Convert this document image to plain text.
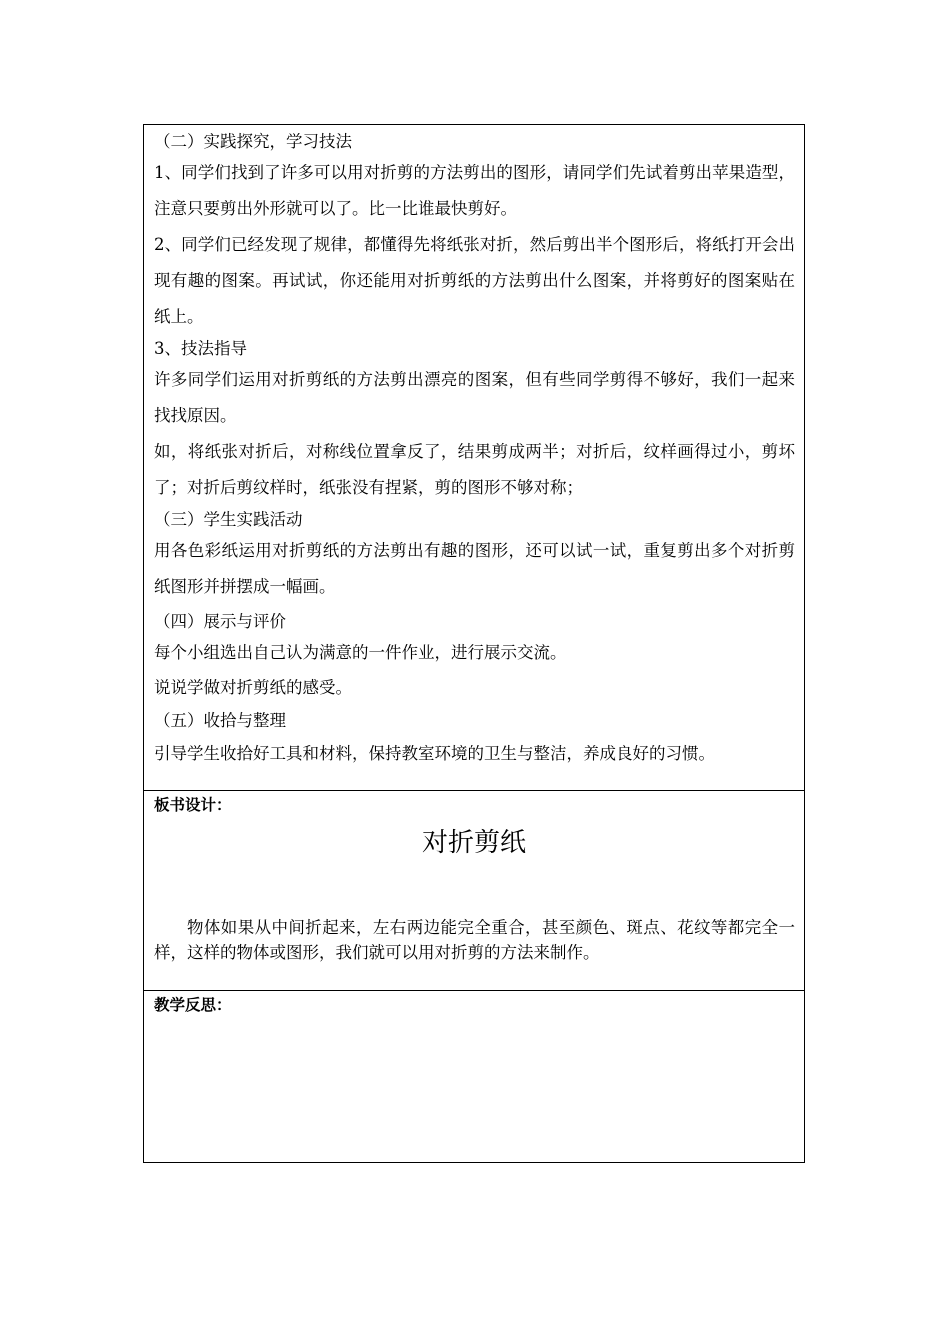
（二）实践探究，学习技法
1、同学们找到了许多可以用对折剪的方法剪出的图形，请同学们先试着剪出苹果造型，注意只要剪出外形就可以了。比一比谁最快剪好。
2、同学们已经发现了规律，都懂得先将纸张对折，然后剪出半个图形后，将纸打开会出现有趣的图案。再试试，你还能用对折剪纸的方法剪出什么图案，并将剪好的图案贴在纸上。
3、技法指导
许多同学们运用对折剪纸的方法剪出漂亮的图案，但有些同学剪得不够好，我们一起来找找原因。
如，将纸张对折后，对称线位置拿反了，结果剪成两半；对折后，纹样画得过小，剪坏了；对折后剪纹样时，纸张没有捏紧，剪的图形不够对称；
（三）学生实践活动
用各色彩纸运用对折剪纸的方法剪出有趣的图形，还可以试一试，重复剪出多个对折剪纸图形并拼摆成一幅画。
（四）展示与评价
每个小组选出自己认为满意的一件作业，进行展示交流。
说说学做对折剪纸的感受。
（五）收拾与整理
引导学生收拾好工具和材料，保持教室环境的卫生与整洁，养成良好的习惯。
板书设计：
对折剪纸
物体如果从中间折起来，左右两边能完全重合，甚至颜色、斑点、花纹等都完全一样，这样的物体或图形，我们就可以用对折剪的方法来制作。
教学反思：
